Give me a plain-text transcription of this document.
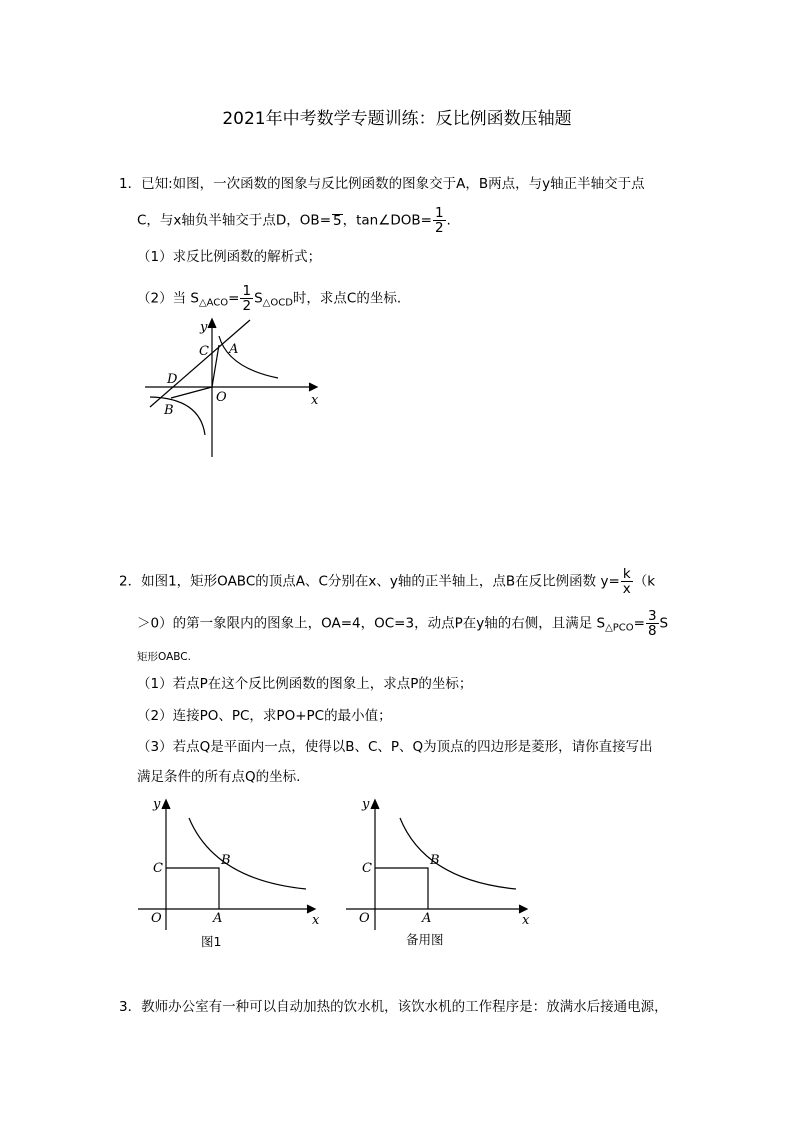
2021年中考数学专题训练：反比例函数压轴题
1．已知:如图，一次函数的图象与反比例函数的图象交于A，B两点，与y轴正半轴交于点
C，与x轴负半轴交于点D，OB= 5，tan∠DOB= $\frac{1}{2}$ .
（1）求反比例函数的解析式；
（2）当 $S_{\triangle ACO}= \frac{1}{2} S_{\triangle OCD}$时，求点C的坐标.
y
x
C A
D
B
O
2．如图1，矩形OABC的顶点A、C分别在x、y轴的正半轴上，点B在反比例函数 $y= \frac{k}{x} (k$
＞0）的第一象限内的图象上，OA=4，OC=3，动点P在y轴的右侧，且满足 $S_{\triangle PCO}= \frac{3}{8}$ S
矩形OABC.
（1）若点P在这个反比例函数的图象上，求点P的坐标；
（2）连接PO、PC，求PO+PC的最小值；
（3）若点Q是平面内一点，使得以B、C、P、Q为顶点的四边形是菱形，请你直接写出
满足条件的所有点Q的坐标.
y
x
C
B
O	A
图1
y
x
C
B
O	A
备用图
3．教师办公室有一种可以自动加热的饮水机，该饮水机的工作程序是：放满水后接通电源，
